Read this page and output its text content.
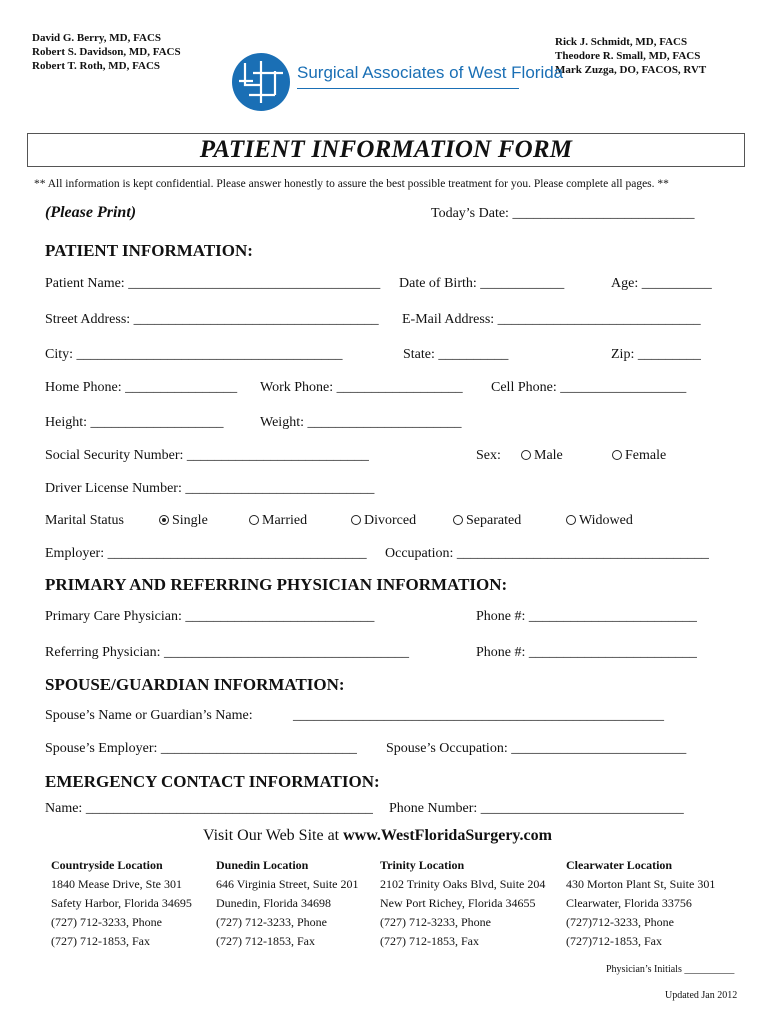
David G. Berry, MD, FACS
Robert S. Davidson, MD, FACS
Robert T. Roth, MD, FACS
Rick J. Schmidt, MD, FACS
Theodore R. Small, MD, FACS
Mark Zuzga, DO, FACOS, RVT
Surgical Associates of West Florida
PATIENT INFORMATION FORM
** All information is kept confidential. Please answer honestly to assure the best possible treatment for you. Please complete all pages. **
(Please Print)	Today’s Date: __________________________
PATIENT INFORMATION:
Patient Name: ____________________________________ Date of Birth: ____________	Age: __________
Street Address: ___________________________________ E-Mail Address: _____________________________
City: ______________________________________	State: __________	Zip: _________
Home Phone: ________________ Work Phone: __________________ Cell Phone: __________________
Height: ___________________	Weight: ______________________
Social Security Number: __________________________	Sex:	Male	Female
Driver License Number: ___________________________
Marital Status	Single	Married	Divorced	Separated	Widowed
Employer: _____________________________________ Occupation: ____________________________________
PRIMARY AND REFERRING PHYSICIAN INFORMATION:
Primary Care Physician: ___________________________	Phone #: ________________________
Referring Physician: ___________________________________	Phone #: ________________________
SPOUSE/GUARDIAN INFORMATION:
Spouse’s Name or Guardian’s Name:	_____________________________________________________
Spouse’s Employer: ____________________________ Spouse’s Occupation: _________________________
EMERGENCY CONTACT INFORMATION:
Name: _________________________________________ Phone Number: _____________________________
Visit Our Web Site at www.WestFloridaSurgery.com
Countryside Location
1840 Mease Drive, Ste 301
Safety Harbor, Florida 34695
(727) 712-3233, Phone
(727) 712-1853, Fax
Dunedin Location
646 Virginia Street, Suite 201
Dunedin, Florida 34698
(727) 712-3233, Phone
(727) 712-1853, Fax
Trinity Location
2102 Trinity Oaks Blvd, Suite 204
New Port Richey, Florida 34655
(727) 712-3233, Phone
(727) 712-1853, Fax
Clearwater Location
430 Morton Plant St, Suite 301
Clearwater, Florida 33756
(727)712-3233, Phone
(727)712-1853, Fax
Physician’s Initials __________
Updated Jan 2012
